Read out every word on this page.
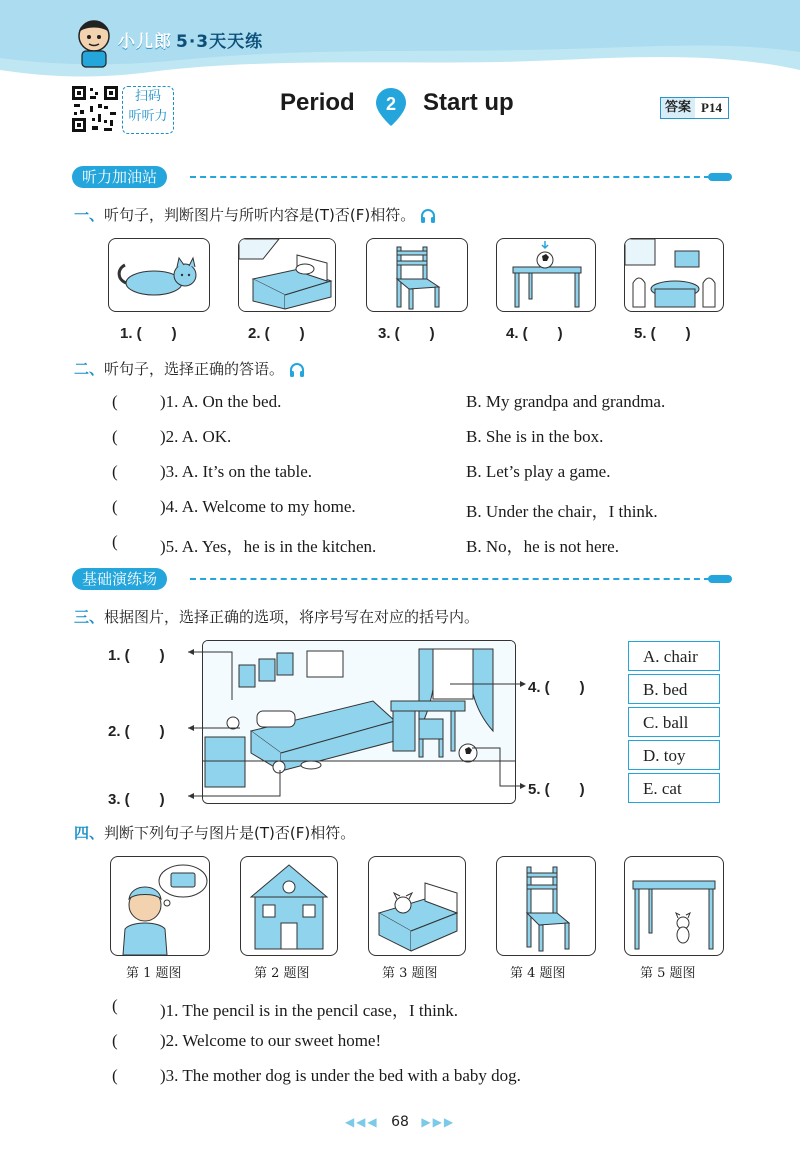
小儿郎 5·3天天练
扫码
听听力
Period 2 Start up	答案 P14
听力加油站
一、听句子，判断图片与所听内容是(T)否(F)相符。
1. (　　)	2. (　　)	3. (　　)	4. (　　)	5. (　　)
二、听句子，选择正确的答语。
( )1. A. On the bed.	B. My grandpa and grandma.
( )2. A. OK.	B. She is in the box.
( )3. A. It’s on the table.	B. Let’s play a game.
( )4. A. Welcome to my home.	B. Under the chair，I think.
( )5. A. Yes，he is in the kitchen.	B. No，he is not here.
基础演练场
三、根据图片，选择正确的选项，将序号写在对应的括号内。
1. (　　)
2. (　　)
3. (　　)
4. (　　)
5. (　　)
A. chair
B. bed
C. ball
D. toy
E. cat
四、判断下列句子与图片是(T)否(F)相符。
第 1 题图	第 2 题图	第 3 题图	第 4 题图	第 5 题图
( )1. The pencil is in the pencil case，I think.
( )2. Welcome to our sweet home!
( )3. The mother dog is under the bed with a baby dog.
◀◀◀ 68 ▶▶▶
